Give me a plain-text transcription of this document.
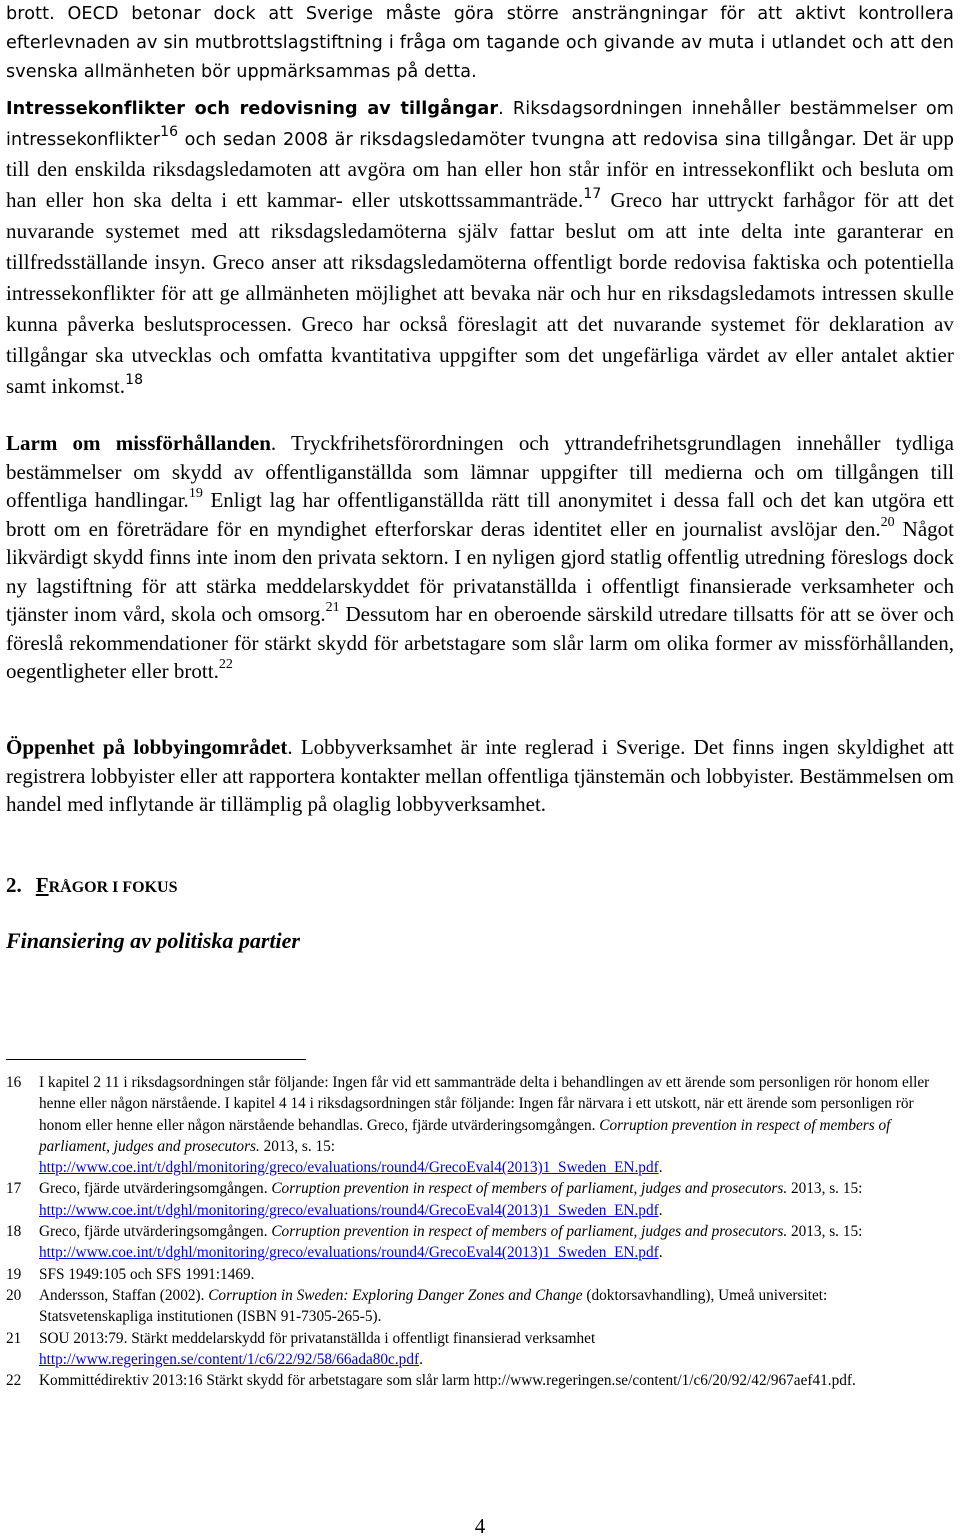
brott. OECD betonar dock att Sverige måste göra större ansträngningar för att aktivt kontrollera efterlevnaden av sin mutbrottslagstiftning i fråga om tagande och givande av muta i utlandet och att den svenska allmänheten bör uppmärksammas på detta.

Intressekonflikter och redovisning av tillgångar. Riksdagsordningen innehåller bestämmelser om intressekonflikter$^{16}$ och sedan 2008 är riksdagsledamöter tvungna att redovisa sina tillgångar. Det är upp till den enskilda riksdagsledamoten att avgöra om han eller hon står inför en intressekonflikt och besluta om han eller hon ska delta i ett kammar- eller utskottssammanträde.$^{17}$ Greco har uttryckt farhågor för att det nuvarande systemet med att riksdagsledamöterna själv fattar beslut om att inte delta inte garanterar en tillfredsställande insyn. Greco anser att riksdagsledamöterna offentligt borde redovisa faktiska och potentiella intressekonflikter för att ge allmänheten möjlighet att bevaka när och hur en riksdagsledamots intressen skulle kunna påverka beslutsprocessen. Greco har också föreslagit att det nuvarande systemet för deklaration av tillgångar ska utvecklas och omfatta kvantitativa uppgifter som det ungefärliga värdet av eller antalet aktier samt inkomst.$^{18}$

Larm om missförhållanden. Tryckfrihetsförordningen och yttrandefrihetsgrundlagen innehåller tydliga bestämmelser om skydd av offentliganställda som lämnar uppgifter till medierna och om tillgången till offentliga handlingar.$^{19}$ Enligt lag har offentliganställda rätt till anonymitet i dessa fall och det kan utgöra ett brott om en företrädare för en myndighet efterforskar deras identitet eller en journalist avslöjar den.$^{20}$ Något likvärdigt skydd finns inte inom den privata sektorn. I en nyligen gjord statlig offentlig utredning föreslogs dock ny lagstiftning för att stärka meddelarskyddet för privatanställda i offentligt finansierade verksamheter och tjänster inom vård, skola och omsorg.$^{21}$ Dessutom har en oberoende särskild utredare tillsatts för att se över och föreslå rekommendationer för stärkt skydd för arbetstagare som slår larm om olika former av missförhållanden, oegentligheter eller brott.$^{22}$

Öppenhet på lobbyingområdet. Lobbyverksamhet är inte reglerad i Sverige. Det finns ingen skyldighet att registrera lobbyister eller att rapportera kontakter mellan offentliga tjänstemän och lobbyister. Bestämmelsen om handel med inflytande är tillämplig på olaglig lobbyverksamhet.

2. FRÅGOR I FOKUS
Finansiering av politiska partier
16	I kapitel 2 11 i riksdagsordningen står följande: Ingen får vid ett sammanträde delta i behandlingen av ett ärende som personligen rör honom eller henne eller någon närstående. I kapitel 4 14 i riksdagsordningen står följande: Ingen får närvara i ett utskott, när ett ärende som personligen rör honom eller henne eller någon närstående behandlas. Greco, fjärde utvärderingsomgången. Corruption prevention in respect of members of parliament, judges and prosecutors. 2013, s. 15: http://www.coe.int/t/dghl/monitoring/greco/evaluations/round4/GrecoEval4(2013)1_Sweden_EN.pdf.
17	Greco, fjärde utvärderingsomgången. Corruption prevention in respect of members of parliament, judges and prosecutors. 2013, s. 15: http://www.coe.int/t/dghl/monitoring/greco/evaluations/round4/GrecoEval4(2013)1_Sweden_EN.pdf.
18	Greco, fjärde utvärderingsomgången. Corruption prevention in respect of members of parliament, judges and prosecutors. 2013, s. 15: http://www.coe.int/t/dghl/monitoring/greco/evaluations/round4/GrecoEval4(2013)1_Sweden_EN.pdf.
19	SFS 1949:105 och SFS 1991:1469.
20	Andersson, Staffan (2002). Corruption in Sweden: Exploring Danger Zones and Change (doktorsavhandling), Umeå universitet: Statsvetenskapliga institutionen (ISBN 91-7305-265-5).
21	SOU 2013:79. Stärkt meddelarskydd för privatanställda i offentligt finansierad verksamhet http://www.regeringen.se/content/1/c6/22/92/58/66ada80c.pdf.
22	Kommittédirektiv 2013:16 Stärkt skydd för arbetstagare som slår larm http://www.regeringen.se/content/1/c6/20/92/42/967aef41.pdf.
4
